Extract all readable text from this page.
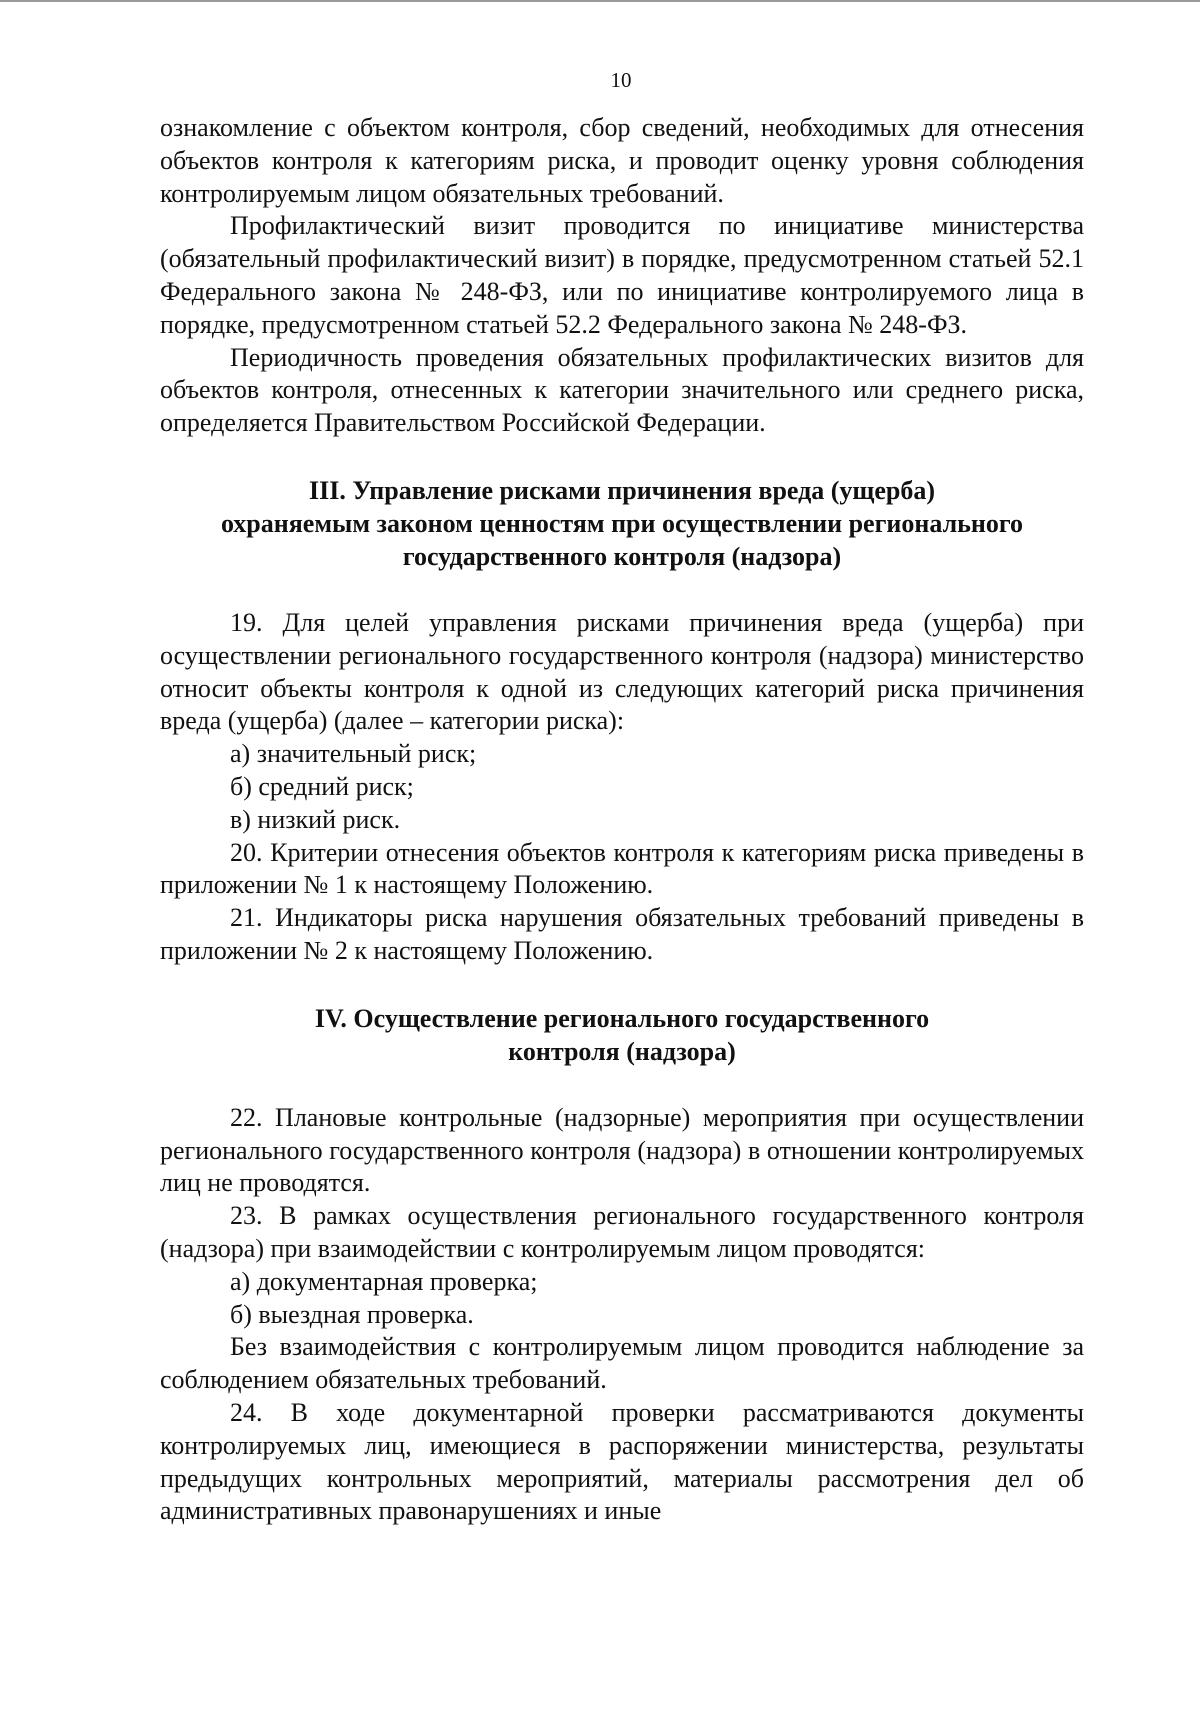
10

ознакомление с объектом контроля, сбор сведений, необходимых для отнесения объектов контроля к категориям риска, и проводит оценку уровня соблюдения контролируемым лицом обязательных требований.

Профилактический визит проводится по инициативе министерства (обязательный профилактический визит) в порядке, предусмотренном статьей 52.1 Федерального закона № 248-ФЗ, или по инициативе контролируемого лица в порядке, предусмотренном статьей 52.2 Федерального закона № 248-ФЗ.

Периодичность проведения обязательных профилактических визитов для объектов контроля, отнесенных к категории значительного или среднего риска, определяется Правительством Российской Федерации.

III. Управление рисками причинения вреда (ущерба)
охраняемым законом ценностям при осуществлении регионального
государственного контроля (надзора)

19. Для целей управления рисками причинения вреда (ущерба) при осуществлении регионального государственного контроля (надзора) министерство относит объекты контроля к одной из следующих категорий риска причинения вреда (ущерба) (далее – категории риска):

а) значительный риск;

б) средний риск;

в) низкий риск.

20. Критерии отнесения объектов контроля к категориям риска приведены в приложении № 1 к настоящему Положению.

21. Индикаторы риска нарушения обязательных требований приведены в приложении № 2 к настоящему Положению.

IV. Осуществление регионального государственного
контроля (надзора)

22. Плановые контрольные (надзорные) мероприятия при осуществлении регионального государственного контроля (надзора) в отношении контролируемых лиц не проводятся.

23. В рамках осуществления регионального государственного контроля (надзора) при взаимодействии с контролируемым лицом проводятся:

а) документарная проверка;

б) выездная проверка.

Без взаимодействия с контролируемым лицом проводится наблюдение за соблюдением обязательных требований.

24. В ходе документарной проверки рассматриваются документы контролируемых лиц, имеющиеся в распоряжении министерства, результаты предыдущих контрольных мероприятий, материалы рассмотрения дел об административных правонарушениях и иные
